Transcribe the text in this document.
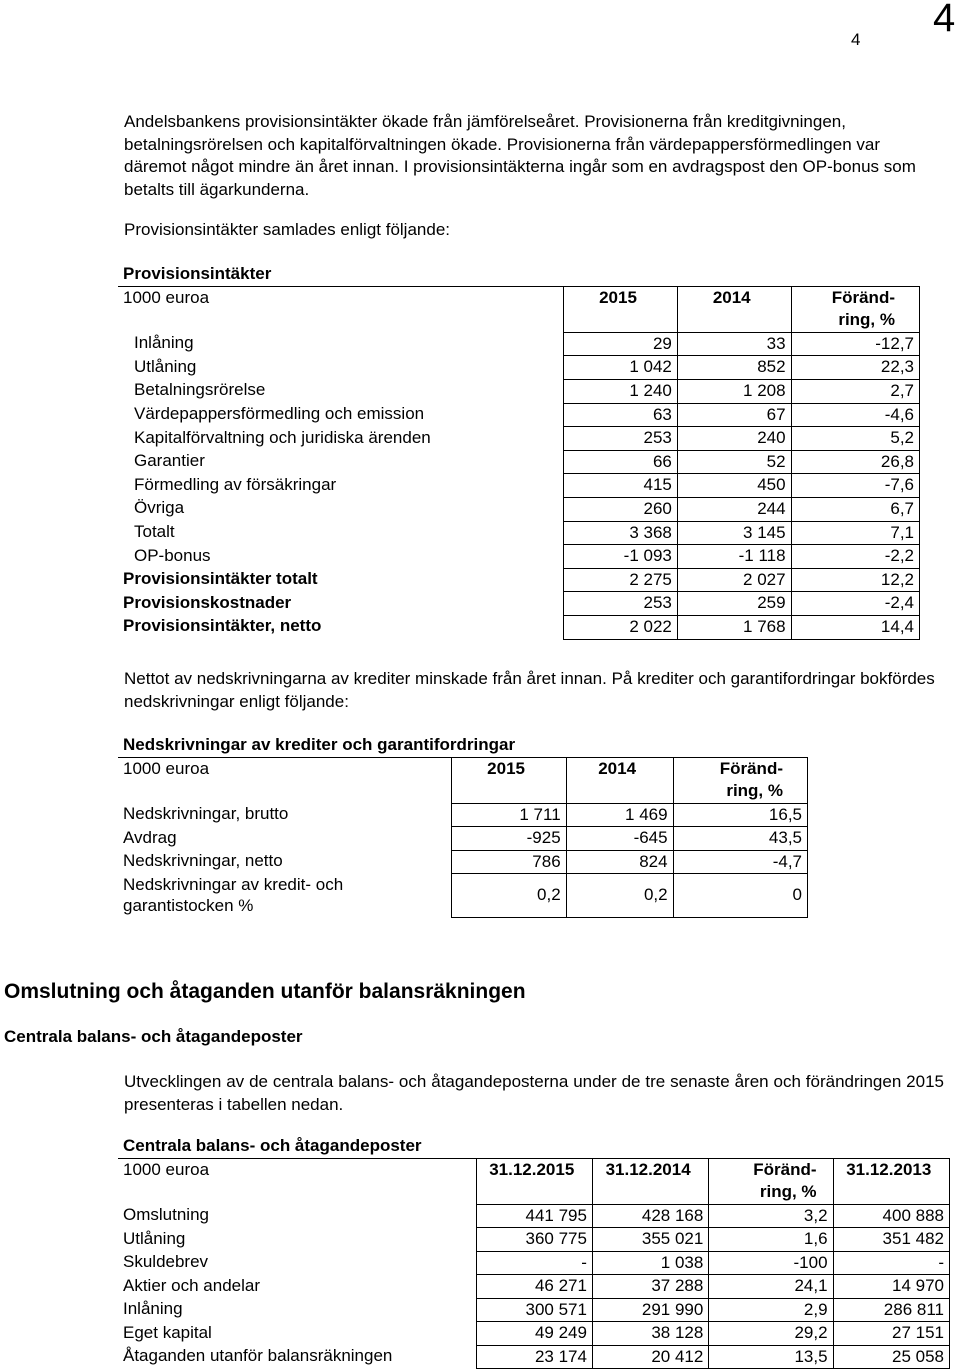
4 4

Andelsbankens provisionsintäkter ökade från jämförelseåret. Provisionerna från kreditgivningen, betalningsrörelsen och kapitalförvaltningen ökade. Provisionerna från värdepappersförmedlingen var däremot något mindre än året innan. I provisionsintäkterna ingår som en avdragspost den OP-bonus som betalts till ägarkunderna.

Provisionsintäkter samlades enligt följande:

Provisionsintäkter			
1000 euroa	2015	2014	Föränd-
			ring, %
Inlåning	29	33	-12,7
Utlåning	1 042	852	22,3
Betalningsrörelse	1 240	1 208	2,7
Värdepappersförmedling och emission	63	67	-4,6
Kapitalförvaltning och juridiska ärenden	253	240	5,2
Garantier	66	52	26,8
Förmedling av försäkringar	415	450	-7,6
Övriga	260	244	6,7
Totalt	3 368	3 145	7,1
OP-bonus	-1 093	-1 118	-2,2
Provisionsintäkter totalt	2 275	2 027	12,2
Provisionskostnader	253	259	-2,4
Provisionsintäkter, netto	2 022	1 768	14,4

Nettot av nedskrivningarna av krediter minskade från året innan. På krediter och garantifordringar bokfördes nedskrivningar enligt följande:

Nedskrivningar av krediter och garantifordringar			
1000 euroa	2015	2014	Föränd-
			ring, %
Nedskrivningar, brutto	1 711	1 469	16,5
Avdrag	-925	-645	43,5
Nedskrivningar, netto	786	824	-4,7
Nedskrivningar av kredit- och
garantistocken %	0,2	0,2	0
Omslutning och åtaganden utanför balansräkningen
Centrala balans- och åtagandeposter

Utvecklingen av de centrala balans- och åtagandeposterna under de tre senaste åren och förändringen 2015 presenteras i tabellen nedan.

Centrala balans- och åtagandeposter				
1000 euroa	31.12.2015	31.12.2014	Föränd-	31.12.2013
			ring, %	
Omslutning	441 795	428 168	3,2	400 888
Utlåning	360 775	355 021	1,6	351 482
Skuldebrev	-	1 038	-100	-
Aktier och andelar	46 271	37 288	24,1	14 970
Inlåning	300 571	291 990	2,9	286 811
Eget kapital	49 249	38 128	29,2	27 151
Åtaganden utanför balansräkningen	23 174	20 412	13,5	25 058
